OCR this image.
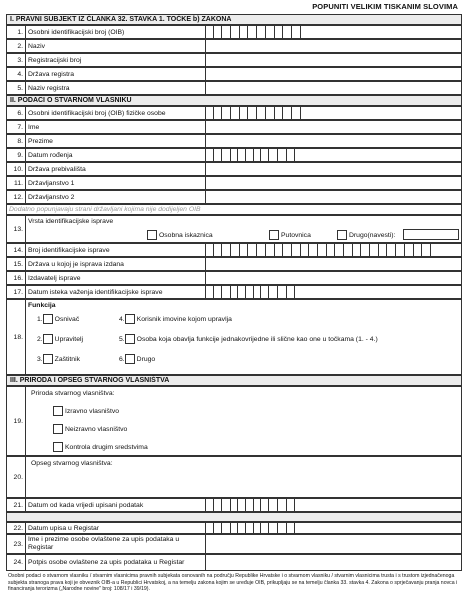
POPUNITI VELIKIM TISKANIM SLOVIMA
I. PRAVNI SUBJEKT IZ ČLANKA 32. STAVKA 1. TOČKE b) ZAKONA
1. Osobni identifikacijski broj (OIB)
2. Naziv
3. Registracijski broj
4. Država registra
5. Naziv registra
II. PODACI O STVARNOM VLASNIKU
6. Osobni identifikacijski broj (OIB) fizičke osobe
7. Ime
8. Prezime
9. Datum rođenja
10. Država prebivališta
11. Državljanstvo 1
12. Državljanstvo 2
Dodatno popunjavaju strani državljani kojima nije dodijeljen OIB
13.
Vrsta identifikacijske isprave
Osobna iskaznica	Putovnica	Drugo(navesti):
14. Broj identifikacijske isprave
15. Država u kojoj je isprava izdana
16. Izdavatelj isprave
17. Datum isteka važenja identifikacijske isprave
18.
Funkcija
1. Osnivač
2. Upravitelj
3. Zaštitnik
4. Korisnik imovine kojom upravlja
5. Osoba koja obavlja funkcije jednakovrijedne ili slične kao one u točkama (1. - 4.)
6. Drugo
III. PRIRODA I OPSEG STVARNOG VLASNIŠTVA
19.
Priroda stvarnog vlasništva:
Izravno vlasništvo
Neizravno vlasništvo
Kontrola drugim sredstvima
20.
Opseg stvarnog vlasništva:
21. Datum od kada vrijedi upisani podatak
22. Datum upisa u Registar
23.
Ime i prezime osobe ovlaštene za upis podataka u Registar
24. Potpis osobe ovlaštene za upis podataka u Registar
Osobni podaci o stvarnom vlasniku / stvarnim vlasnicima pravnih subjekata osnovanih na području Republike Hrvatske i o stvarnom vlasniku / stvarnim vlasnicima trusta i s trustom izjednačenoga subjekta stranoga prava koji je obveznik OIB-a u Republici Hrvatskoj, a na temelju zakona kojim se uređuje OIB, prikupljaju se na temelju članka 33. stavka 4. Zakona o sprječavanju pranja novca i financiranja terorizma („Narodne novine" broj: 108/17 i 39/19).
